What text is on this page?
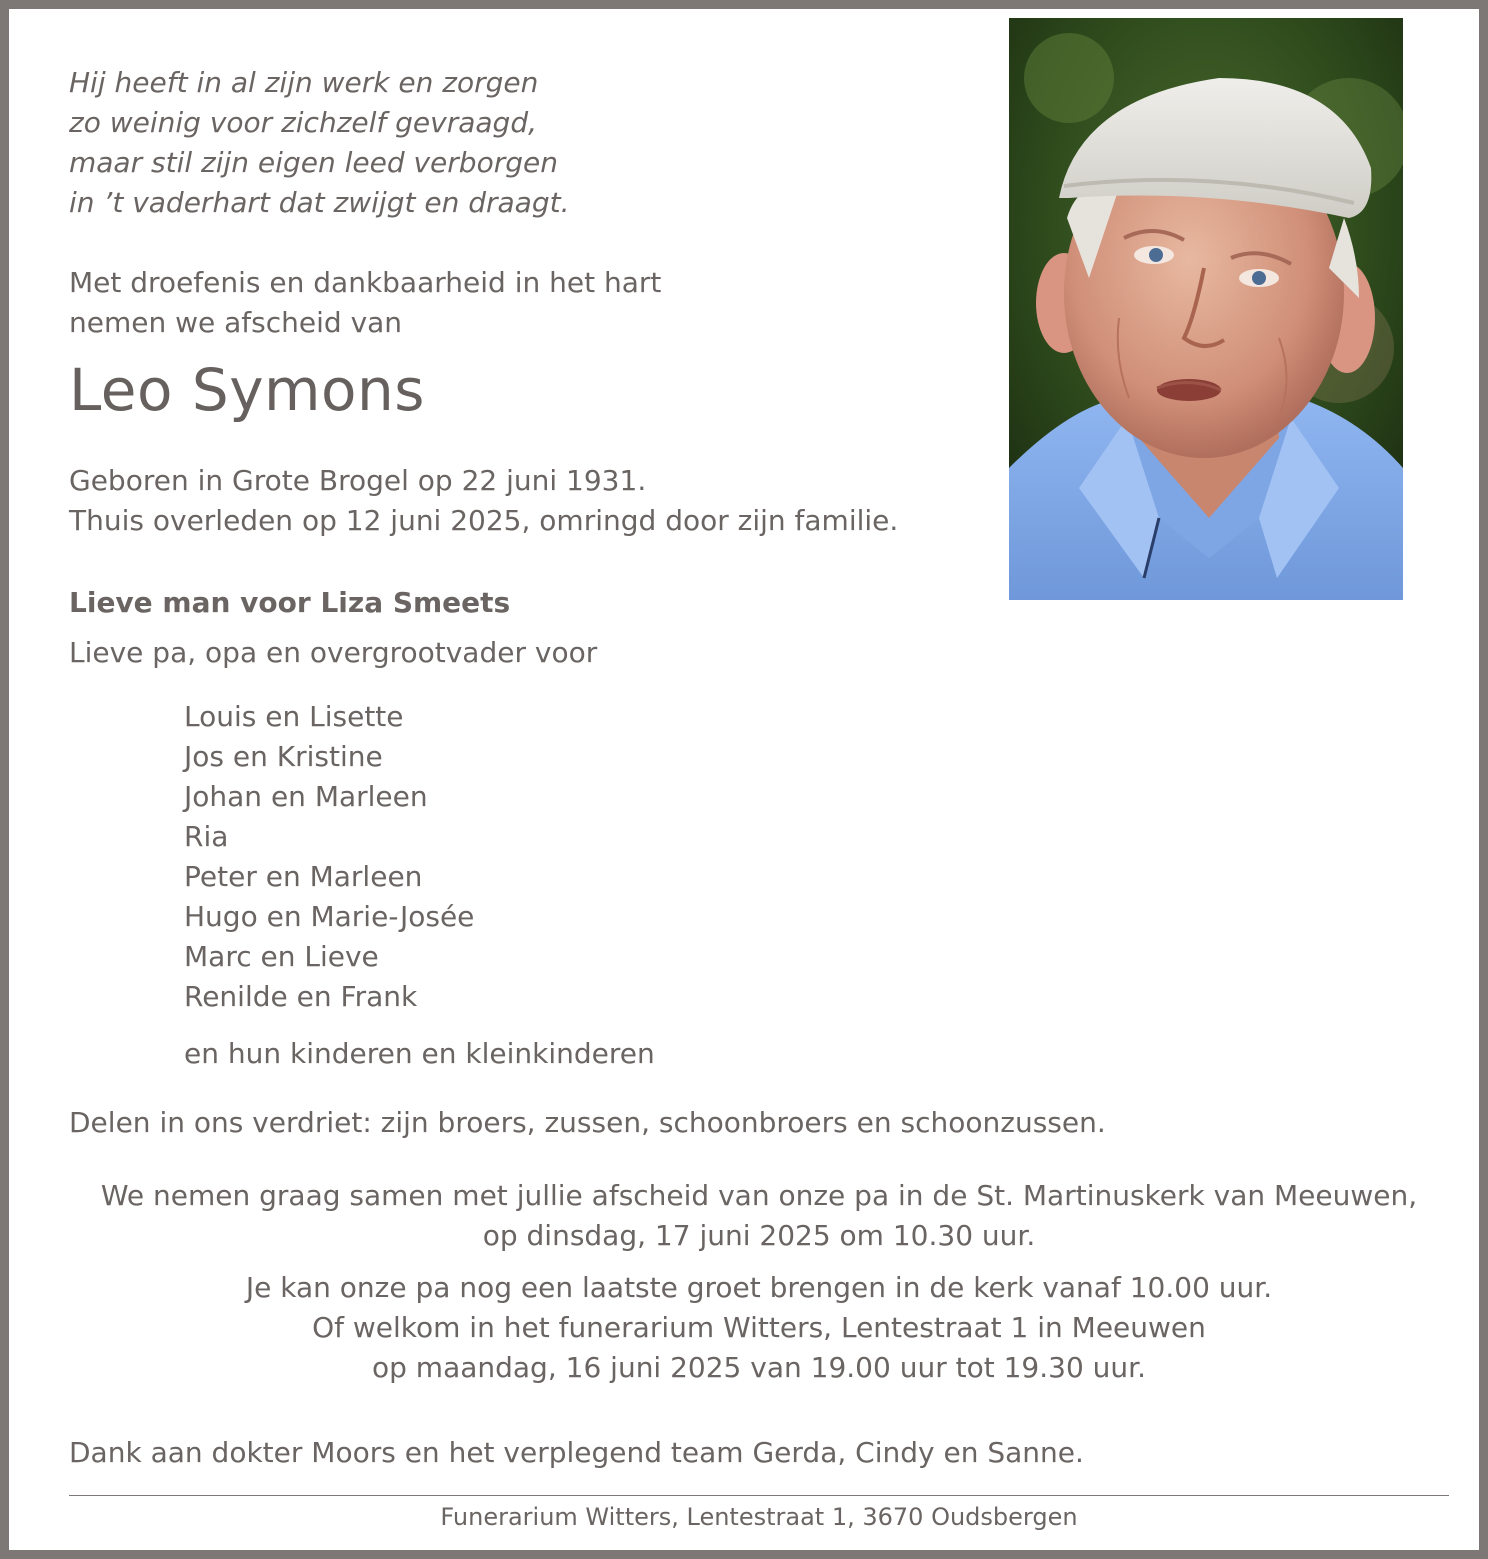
Hij heeft in al zijn werk en zorgen
zo weinig voor zichzelf gevraagd,
maar stil zijn eigen leed verborgen
in ’t vaderhart dat zwijgt en draagt.
Met droefenis en dankbaarheid in het hart
nemen we afscheid van
Leo Symons
Geboren in Grote Brogel op 22 juni 1931.
Thuis overleden op 12 juni 2025, omringd door zijn familie.
Lieve man voor Liza Smeets
Lieve pa, opa en overgrootvader voor
Louis en Lisette
Jos en Kristine
Johan en Marleen
Ria
Peter en Marleen
Hugo en Marie-Josée
Marc en Lieve
Renilde en Frank
en hun kinderen en kleinkinderen
Delen in ons verdriet: zijn broers, zussen, schoonbroers en schoonzussen.
We nemen graag samen met jullie afscheid van onze pa in de St. Martinuskerk van Meeuwen,
op dinsdag, 17 juni 2025 om 10.30 uur.
Je kan onze pa nog een laatste groet brengen in de kerk vanaf 10.00 uur.
Of welkom in het funerarium Witters, Lentestraat 1 in Meeuwen
op maandag, 16 juni 2025 van 19.00 uur tot 19.30 uur.
Dank aan dokter Moors en het verplegend team Gerda, Cindy en Sanne.
Funerarium Witters, Lentestraat 1, 3670 Oudsbergen
